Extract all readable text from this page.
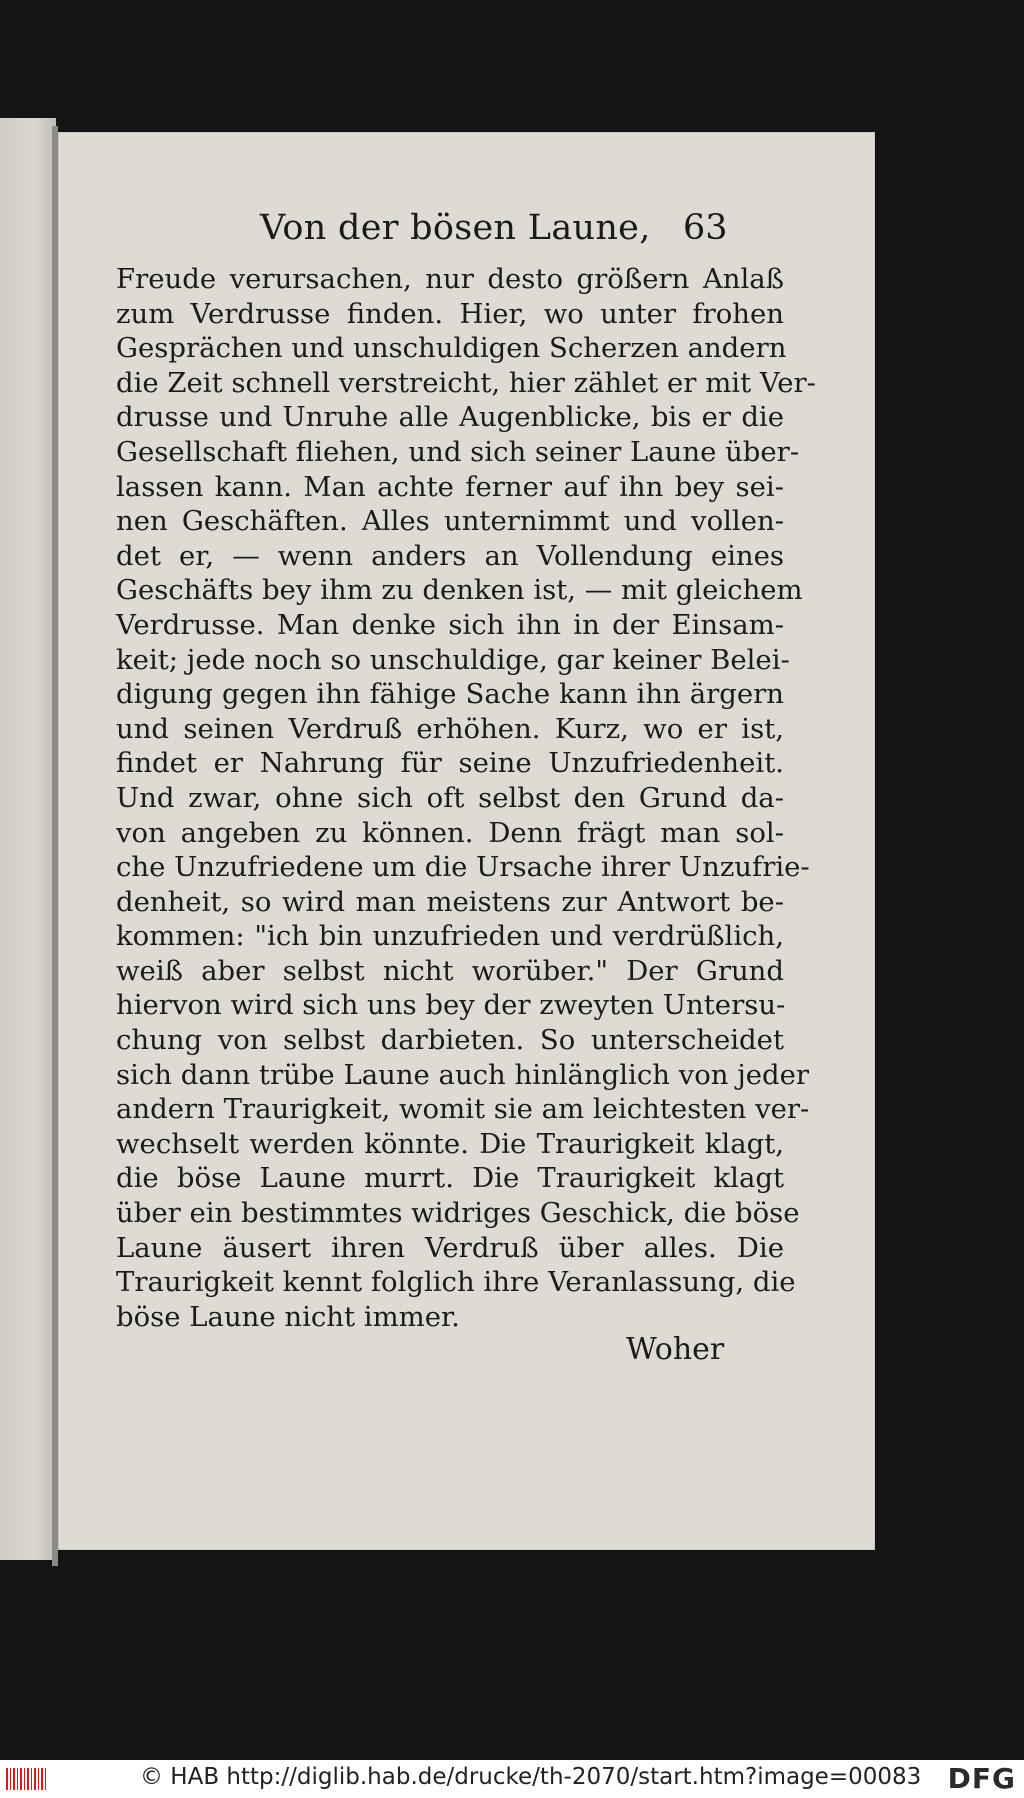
Von der bösen Laune, 63
Freude verursachen, nur desto größern Anlaß
zum Verdrusse finden. Hier, wo unter frohen
Gesprächen und unschuldigen Scherzen andern
die Zeit schnell verstreicht, hier zählet er mit Ver-
drusse und Unruhe alle Augenblicke, bis er die
Gesellschaft fliehen, und sich seiner Laune über-
lassen kann. Man achte ferner auf ihn bey sei-
nen Geschäften. Alles unternimmt und vollen-
det er, — wenn anders an Vollendung eines
Geschäfts bey ihm zu denken ist, — mit gleichem
Verdrusse. Man denke sich ihn in der Einsam-
keit; jede noch so unschuldige, gar keiner Belei-
digung gegen ihn fähige Sache kann ihn ärgern
und seinen Verdruß erhöhen. Kurz, wo er ist,
findet er Nahrung für seine Unzufriedenheit.
Und zwar, ohne sich oft selbst den Grund da-
von angeben zu können. Denn frägt man sol-
che Unzufriedene um die Ursache ihrer Unzufrie-
denheit, so wird man meistens zur Antwort be-
kommen: "ich bin unzufrieden und verdrüßlich,
weiß aber selbst nicht worüber." Der Grund
hiervon wird sich uns bey der zweyten Untersu-
chung von selbst darbieten. So unterscheidet
sich dann trübe Laune auch hinlänglich von jeder
andern Traurigkeit, womit sie am leichtesten ver-
wechselt werden könnte. Die Traurigkeit klagt,
die böse Laune murrt. Die Traurigkeit klagt
über ein bestimmtes widriges Geschick, die böse
Laune äusert ihren Verdruß über alles. Die
Traurigkeit kennt folglich ihre Veranlassung, die
böse Laune nicht immer.
Woher
© HAB http://diglib.hab.de/drucke/th-2070/start.htm?image=00083 DFG
